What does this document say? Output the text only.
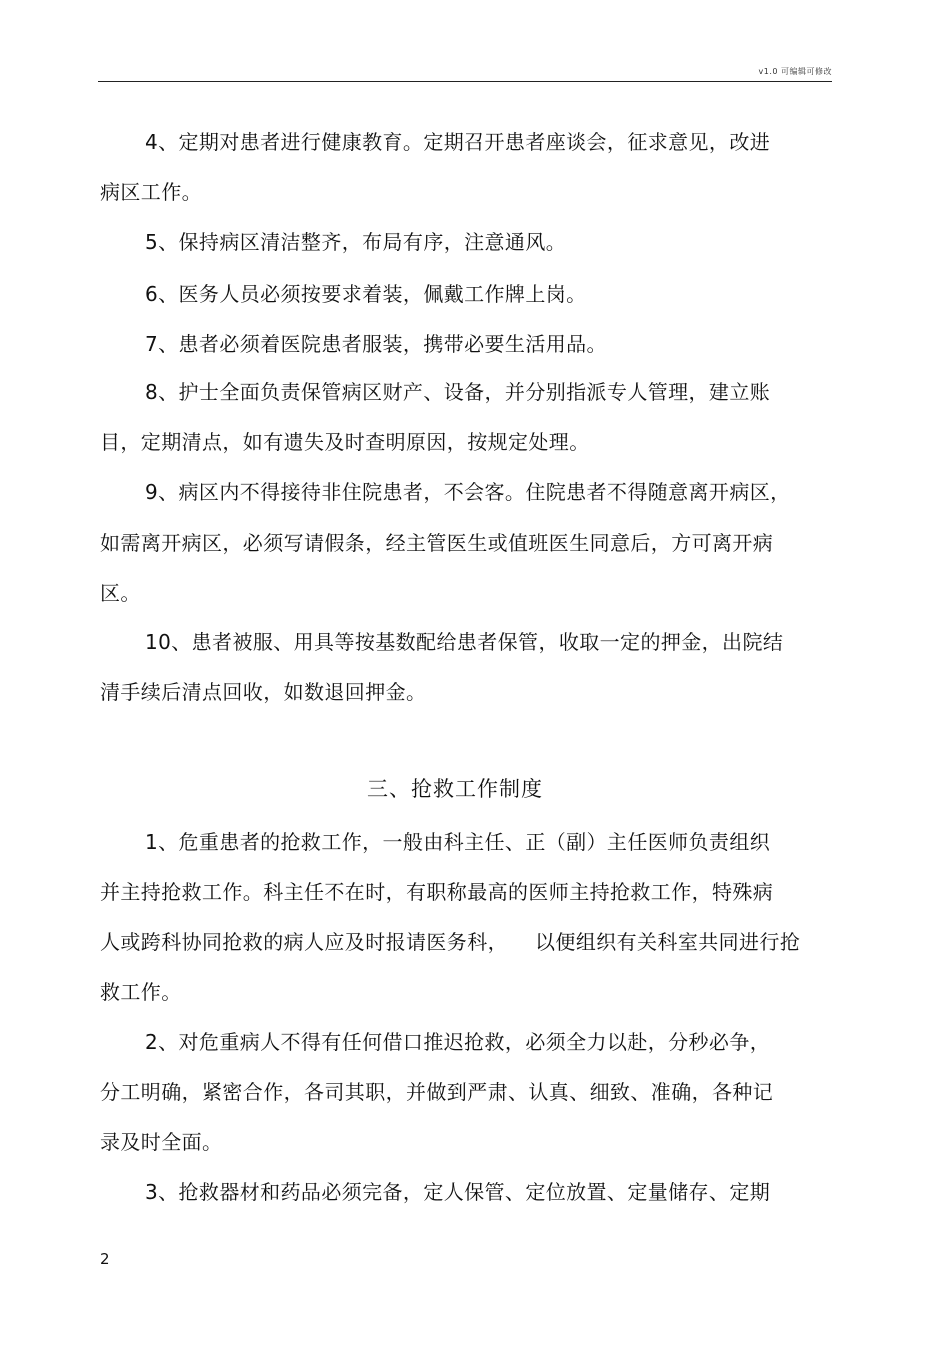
v1.0 可编辑可修改
4、定期对患者进行健康教育。定期召开患者座谈会，征求意见，改进
病区工作。
5、保持病区清洁整齐，布局有序，注意通风。
6、医务人员必须按要求着装，佩戴工作牌上岗。
7、患者必须着医院患者服装，携带必要生活用品。
8、护士全面负责保管病区财产、设备，并分别指派专人管理，建立账
目，定期清点，如有遗失及时查明原因，按规定处理。
9、病区内不得接待非住院患者，不会客。住院患者不得随意离开病区，
如需离开病区，必须写请假条，经主管医生或值班医生同意后，方可离开病
区。
10、患者被服、用具等按基数配给患者保管，收取一定的押金，出院结
清手续后清点回收，如数退回押金。
三、抢救工作制度
1、危重患者的抢救工作，一般由科主任、正（副）主任医师负责组织
并主持抢救工作。科主任不在时，有职称最高的医师主持抢救工作，特殊病
人或跨科协同抢救的病人应及时报请医务科，    以便组织有关科室共同进行抢
救工作。
2、对危重病人不得有任何借口推迟抢救，必须全力以赴，分秒必争，
分工明确，紧密合作，各司其职，并做到严肃、认真、细致、准确，各种记
录及时全面。
3、抢救器材和药品必须完备，定人保管、定位放置、定量储存、定期
2
